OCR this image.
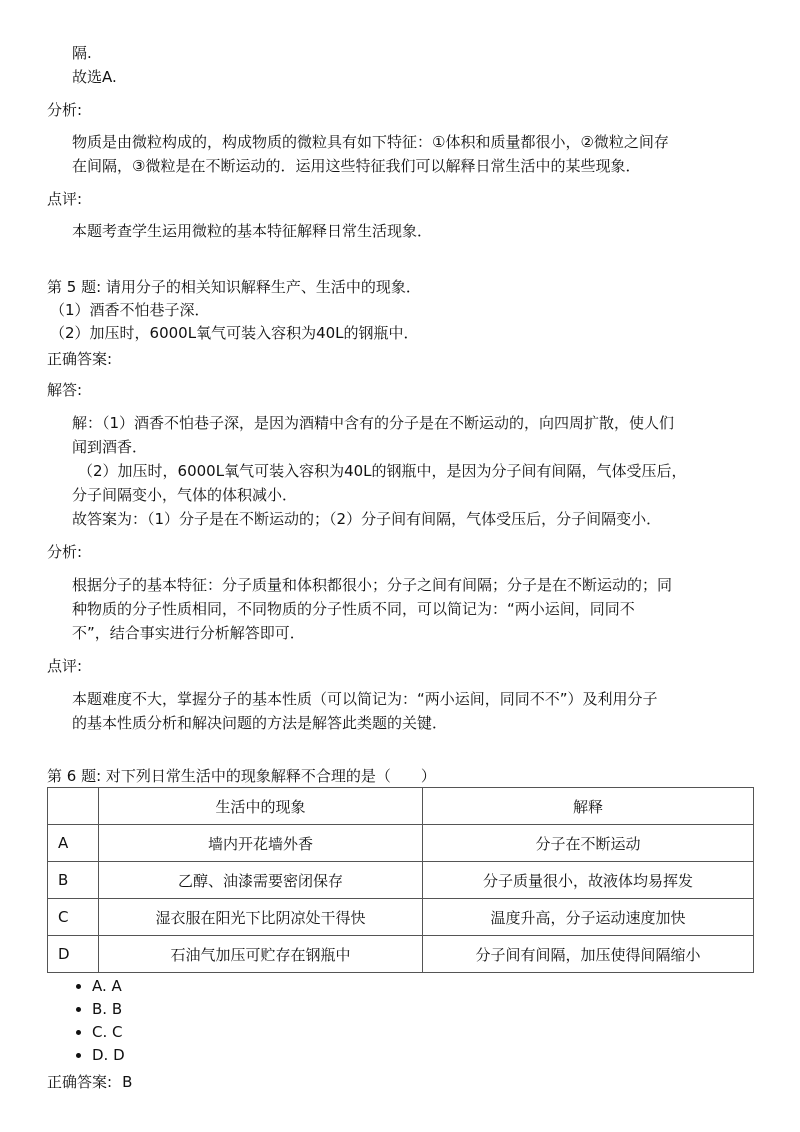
隔.
故选A.
分析:
物质是由微粒构成的，构成物质的微粒具有如下特征：①体积和质量都很小，②微粒之间存
在间隔，③微粒是在不断运动的．运用这些特征我们可以解释日常生活中的某些现象．
点评:
本题考查学生运用微粒的基本特征解释日常生活现象．
第 5 题: 请用分子的相关知识解释生产、生活中的现象．
（1）酒香不怕巷子深．
（2）加压时，6000L氧气可装入容积为40L的钢瓶中．
正确答案:
解答:
解：（1）酒香不怕巷子深，是因为酒精中含有的分子是在不断运动的，向四周扩散，使人们
闻到酒香．
（2）加压时，6000L氧气可装入容积为40L的钢瓶中，是因为分子间有间隔，气体受压后，
分子间隔变小，气体的体积减小．
故答案为：（1）分子是在不断运动的；（2）分子间有间隔，气体受压后，分子间隔变小．
分析:
根据分子的基本特征：分子质量和体积都很小；分子之间有间隔；分子是在不断运动的；同
种物质的分子性质相同，不同物质的分子性质不同，可以简记为：“两小运间，同同不
不”，结合事实进行分析解答即可．
点评:
本题难度不大，掌握分子的基本性质（可以简记为：“两小运间，同同不不”）及利用分子
的基本性质分析和解决问题的方法是解答此类题的关键．
第 6 题: 对下列日常生活中的现象解释不合理的是（　　）
	生活中的现象	解释
A	墙内开花墙外香	分子在不断运动
B	乙醇、油漆需要密闭保存	分子质量很小，故液体均易挥发
C	湿衣服在阳光下比阴凉处干得快	温度升高，分子运动速度加快
D	石油气加压可贮存在钢瓶中	分子间有间隔，加压使得间隔缩小
• A. A
• B. B
• C. C
• D. D
正确答案: B
